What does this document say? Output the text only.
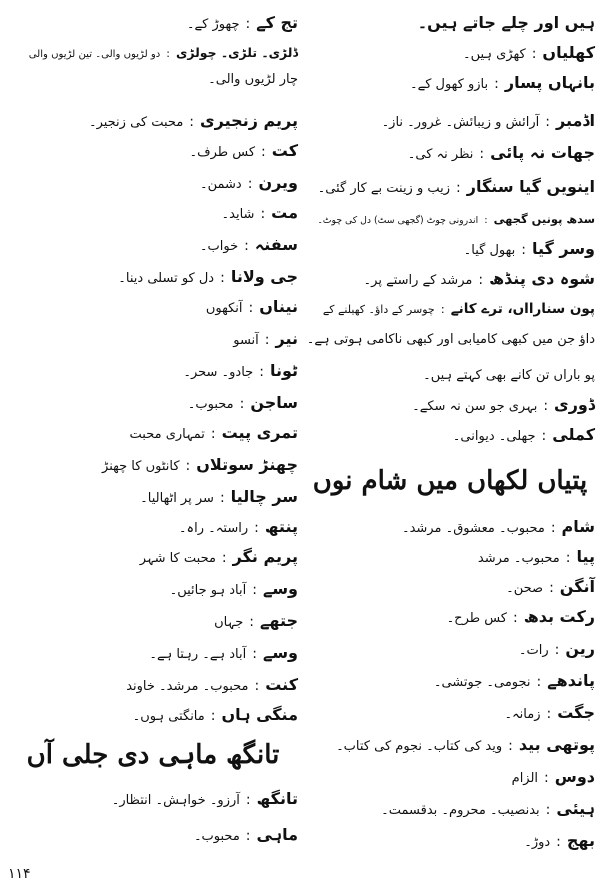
ہیں اور چلے جاتے ہیں۔
کھلیاں:کھڑی ہیں۔
بانہاں پسار:بازو کھول کے۔
اڈمبر:آرائش و زیبائش۔ غرور۔ ناز۔
جھات نہ پائی:نظر نہ کی۔
اینویں گیا سنگار:زیب و زینت بے کار گئی۔
سدھ پونیں گجھی:اندرونی چوٹ (گجھی سٹ) دل کی چوٹ۔
وسر گیا:بھول گیا۔
شوہ دی پنڈھ:مرشد کے راستے پر۔
پون سنارااں، ترے کانے:چوسر کے داؤ۔ کھیلنے کے
داؤ جن میں کبھی کامیابی اور کبھی ناکامی ہوتی ہے۔
پو باراں تن کانے بھی کہتے ہیں۔
ڈوری:بہری جو سن نہ سکے۔
کملی:جھلی۔ دیوانی۔
پتیاں لکھاں میں شام نوں
شام:محبوب۔ معشوق۔ مرشد۔
پیا:محبوب۔ مرشد
آنگن:صحن۔
رکت بدھ:کس طرح۔
رین:رات۔
پاندھے:نجومی۔ جوتشی۔
جگت:زمانہ۔
پوتھی بید:وید کی کتاب۔ نجوم کی کتاب۔
دوس:الزام
ہیئی:بدنصیب۔ محروم۔ بدقسمت۔
بھج:دوڑ۔
تج کے:چھوڑ کے۔
ڈلڑی۔ تلڑی۔ چولڑی:دو لڑیوں والی۔ تین لڑیوں والی
چار لڑیوں والی۔
پریم زنجیری:محبت کی زنجیر۔
کت:کس طرف۔
ویرن:دشمن۔
مت:شاید۔
سفنہ:خواب۔
جی ولانا:دل کو تسلی دینا۔
نیناں:آنکھوں
نیر:آنسو
ٹونا:جادو۔ سحر۔
ساجن:محبوب۔
تمری پیت:تمہاری محبت
چھنڑ سوتلاں:کانٹوں کا چھنڑ
سر چالیا:سر پر اٹھالیا۔
پنتھ:راستہ۔ راہ۔
پریم نگر:محبت کا شہر
وسے:آباد ہو جائیں۔
جتھے:جہاں
وسے:آباد ہے۔ رہتا ہے۔
کنت:محبوب۔ مرشد۔ خاوند
منگی ہاں:مانگتی ہوں۔
تانگھ ماہی دی جلی آں
تانگھ:آرزو۔ خواہش۔ انتظار۔
ماہی:محبوب۔
۱۱۴
